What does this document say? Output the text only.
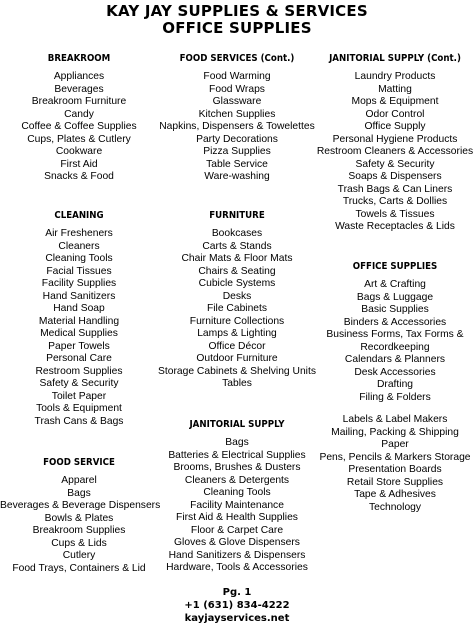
KAY JAY SUPPLIES & SERVICES
OFFICE SUPPLIES
BREAKROOM
Appliances
Beverages
Breakroom Furniture
Candy
Coffee & Coffee Supplies
Cups, Plates & Cutlery
Cookware
First Aid
Snacks & Food
CLEANING
Air Fresheners
Cleaners
Cleaning Tools
Facial Tissues
Facility Supplies
Hand Sanitizers
Hand Soap
Material Handling
Medical Supplies
Paper Towels
Personal Care
Restroom Supplies
Safety & Security
Toilet Paper
Tools & Equipment
Trash Cans & Bags
FOOD SERVICE
Apparel
Bags
Beverages & Beverage Dispensers
Bowls & Plates
Breakroom Supplies
Cups & Lids
Cutlery
Food Trays, Containers & Lid
FOOD SERVICES (Cont.)
Food Warming
Food Wraps
Glassware
Kitchen Supplies
Napkins, Dispensers & Towelettes
Party Decorations
Pizza Supplies
Table Service
Ware-washing
FURNITURE
Bookcases
Carts & Stands
Chair Mats & Floor Mats
Chairs & Seating
Cubicle Systems
Desks
File Cabinets
Furniture Collections
Lamps & Lighting
Office Décor
Outdoor Furniture
Storage Cabinets & Shelving Units
Tables
JANITORIAL SUPPLY
Bags
Batteries & Electrical Supplies
Brooms, Brushes & Dusters
Cleaners & Detergents
Cleaning Tools
Facility Maintenance
First Aid & Health Supplies
Floor & Carpet Care
Gloves & Glove Dispensers
Hand Sanitizers & Dispensers
Hardware, Tools & Accessories
JANITORIAL SUPPLY (Cont.)
Laundry Products
Matting
Mops & Equipment
Odor Control
Office Supply
Personal Hygiene Products
Restroom Cleaners & Accessories
Safety & Security
Soaps & Dispensers
Trash Bags & Can Liners
Trucks, Carts & Dollies
Towels & Tissues
Waste Receptacles & Lids
OFFICE SUPPLIES
Art & Crafting
Bags & Luggage
Basic Supplies
Binders & Accessories
Business Forms, Tax Forms &
Recordkeeping
Calendars & Planners
Desk Accessories
Drafting
Filing & Folders
Labels & Label Makers
Mailing, Packing & Shipping
Paper
Pens, Pencils & Markers Storage
Presentation Boards
Retail Store Supplies
Tape & Adhesives
Technology
Pg. 1
+1 (631) 834-4222
kayjayservices.net
